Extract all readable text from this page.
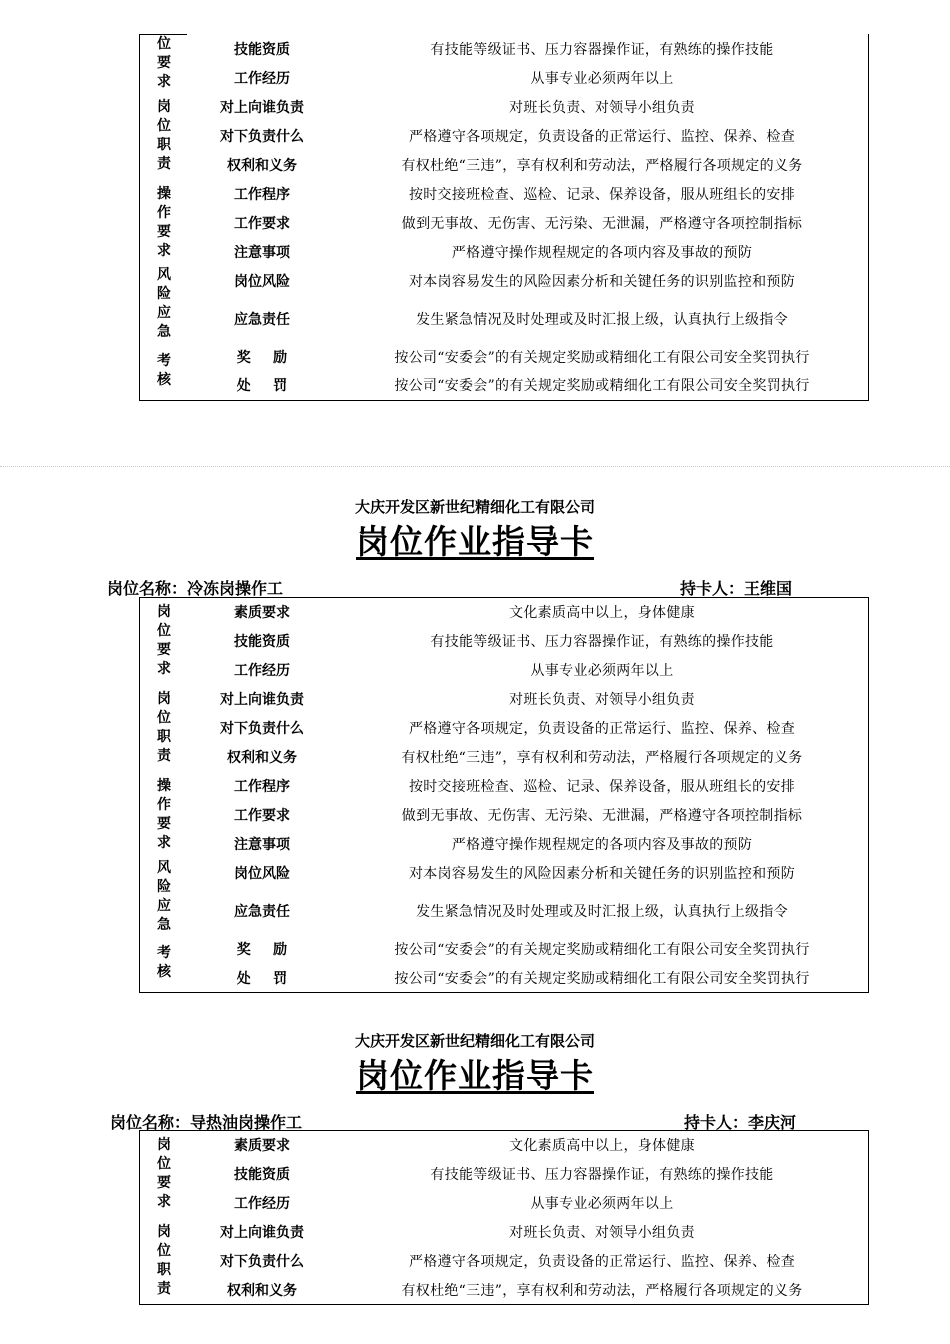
位
要
求	技能资质	有技能等级证书、压力容器操作证，有熟练的操作技能
	工作经历	从事专业必须两年以上

岗
位
职
责	对上向谁负责	对班长负责、对领导小组负责
	对下负责什么	严格遵守各项规定，负责设备的正常运行、监控、保养、检查
	权利和义务	有权杜绝“三违”，享有权利和劳动法，严格履行各项规定的义务

操
作
要
求	工作程序	按时交接班检查、巡检、记录、保养设备，服从班组长的安排
	工作要求	做到无事故、无伤害、无污染、无泄漏，严格遵守各项控制指标
	注意事项	严格遵守操作规程规定的各项内容及事故的预防

风
险
应
急	岗位风险	对本岗容易发生的风险因素分析和关键任务的识别监控和预防
	应急责任	发生紧急情况及时处理或及时汇报上级，认真执行上级指令

考
核	奖励	按公司“安委会”的有关规定奖励或精细化工有限公司安全奖罚执行
	处罚	按公司“安委会”的有关规定奖励或精细化工有限公司安全奖罚执行
大庆开发区新世纪精细化工有限公司
岗位作业指导卡
岗位名称：冷冻岗操作工	持卡人：王维国
岗
位
要
求	素质要求	文化素质高中以上，身体健康
	技能资质	有技能等级证书、压力容器操作证，有熟练的操作技能
	工作经历	从事专业必须两年以上

岗
位
职
责	对上向谁负责	对班长负责、对领导小组负责
	对下负责什么	严格遵守各项规定，负责设备的正常运行、监控、保养、检查
	权利和义务	有权杜绝“三违”，享有权利和劳动法，严格履行各项规定的义务

操
作
要
求	工作程序	按时交接班检查、巡检、记录、保养设备，服从班组长的安排
	工作要求	做到无事故、无伤害、无污染、无泄漏，严格遵守各项控制指标
	注意事项	严格遵守操作规程规定的各项内容及事故的预防

风
险
应
急	岗位风险	对本岗容易发生的风险因素分析和关键任务的识别监控和预防
	应急责任	发生紧急情况及时处理或及时汇报上级，认真执行上级指令

考
核	奖励	按公司“安委会”的有关规定奖励或精细化工有限公司安全奖罚执行
	处罚	按公司“安委会”的有关规定奖励或精细化工有限公司安全奖罚执行
大庆开发区新世纪精细化工有限公司
岗位作业指导卡
岗位名称：导热油岗操作工	持卡人：李庆河
岗
位
要
求	素质要求	文化素质高中以上，身体健康
	技能资质	有技能等级证书、压力容器操作证，有熟练的操作技能
	工作经历	从事专业必须两年以上

岗
位
职
责	对上向谁负责	对班长负责、对领导小组负责
	对下负责什么	严格遵守各项规定，负责设备的正常运行、监控、保养、检查
	权利和义务	有权杜绝“三违”，享有权利和劳动法，严格履行各项规定的义务
